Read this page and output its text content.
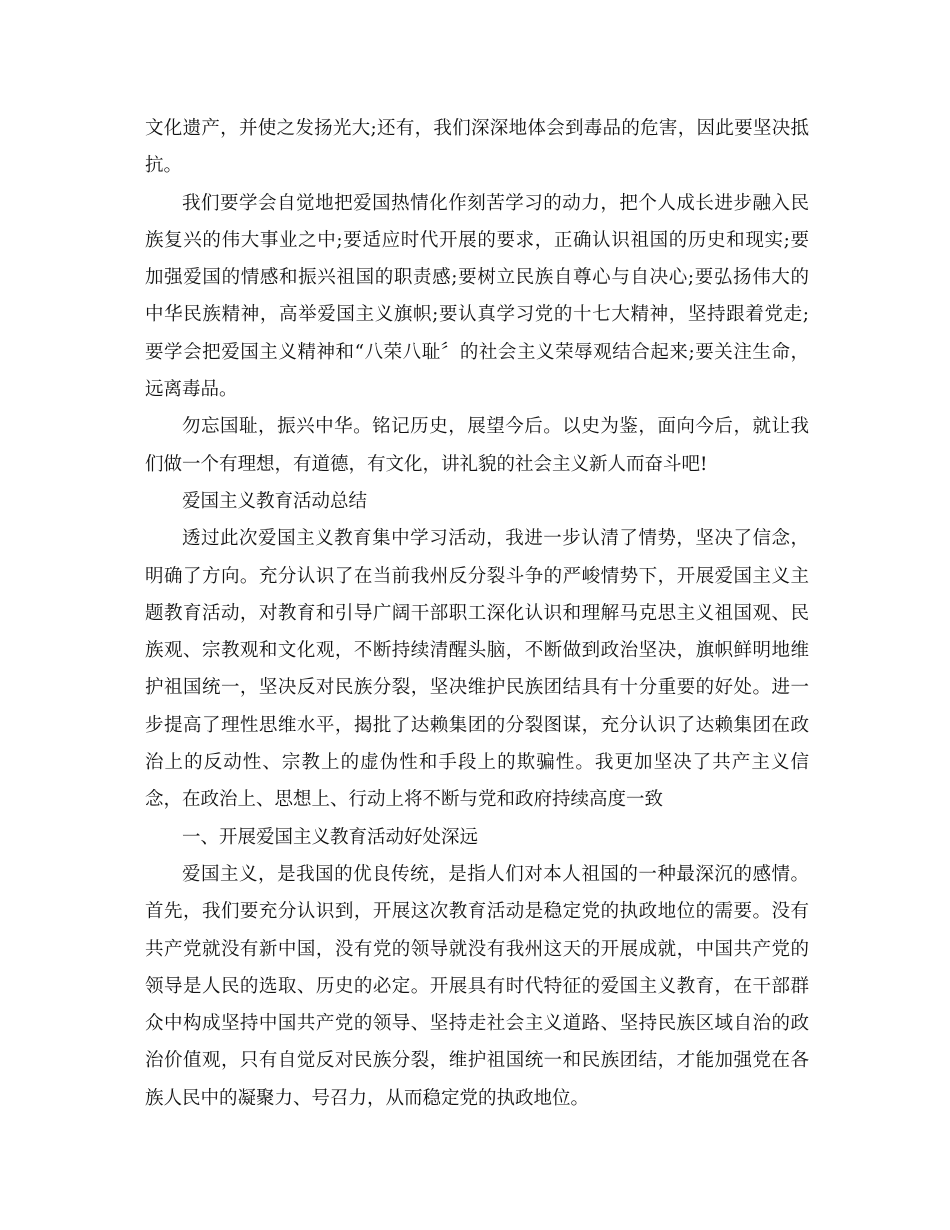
文化遗产，并使之发扬光大;还有，我们深深地体会到毒品的危害，因此要坚决抵
抗。
我们要学会自觉地把爱国热情化作刻苦学习的动力，把个人成长进步融入民
族复兴的伟大事业之中;要适应时代开展的要求，正确认识祖国的历史和现实;要
加强爱国的情感和振兴祖国的职责感;要树立民族自尊心与自决心;要弘扬伟大的
中华民族精神，高举爱国主义旗帜;要认真学习党的十七大精神，坚持跟着党走;
要学会把爱国主义精神和“八荣八耻〞的社会主义荣辱观结合起来;要关注生命，
远离毒品。
勿忘国耻，振兴中华。铭记历史，展望今后。以史为鉴，面向今后，就让我
们做一个有理想，有道德，有文化，讲礼貌的社会主义新人而奋斗吧!
爱国主义教育活动总结
透过此次爱国主义教育集中学习活动，我进一步认清了情势，坚决了信念，
明确了方向。充分认识了在当前我州反分裂斗争的严峻情势下，开展爱国主义主
题教育活动，对教育和引导广阔干部职工深化认识和理解马克思主义祖国观、民
族观、宗教观和文化观，不断持续清醒头脑，不断做到政治坚决，旗帜鲜明地维
护祖国统一，坚决反对民族分裂，坚决维护民族团结具有十分重要的好处。进一
步提高了理性思维水平，揭批了达赖集团的分裂图谋，充分认识了达赖集团在政
治上的反动性、宗教上的虚伪性和手段上的欺骗性。我更加坚决了共产主义信
念，在政治上、思想上、行动上将不断与党和政府持续高度一致
一、开展爱国主义教育活动好处深远
爱国主义，是我国的优良传统，是指人们对本人祖国的一种最深沉的感情。
首先，我们要充分认识到，开展这次教育活动是稳定党的执政地位的需要。没有
共产党就没有新中国，没有党的领导就没有我州这天的开展成就，中国共产党的
领导是人民的选取、历史的必定。开展具有时代特征的爱国主义教育，在干部群
众中构成坚持中国共产党的领导、坚持走社会主义道路、坚持民族区域自治的政
治价值观，只有自觉反对民族分裂，维护祖国统一和民族团结，才能加强党在各
族人民中的凝聚力、号召力，从而稳定党的执政地位。
